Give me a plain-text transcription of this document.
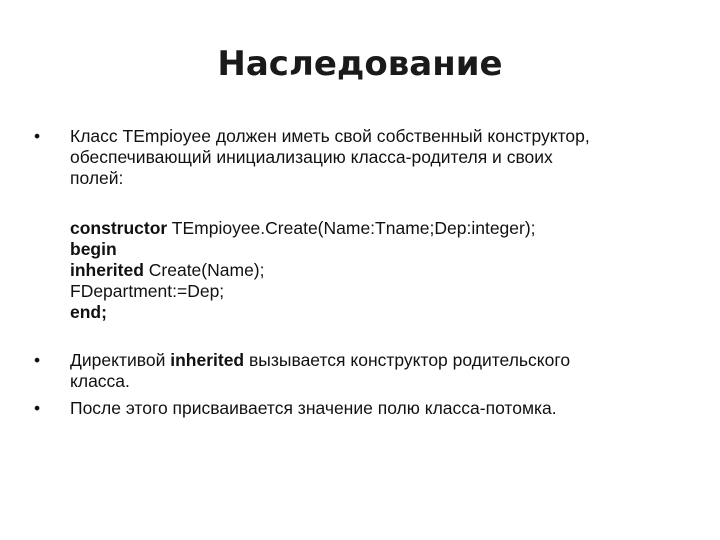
Наследование
•	Класс TEmpioyee должен иметь свой собственный конструктор,
обеспечивающий инициализацию класса-родителя и своих
полей:
constructor TEmpioyee.Create(Name:Tname;Dep:integer);
begin
inherited Create(Name);
FDepartment:=Dep;
end;
•	Директивой inherited вызывается конструктор родительского
класса.
•	После этого присваивается значение полю класса-потомка.
